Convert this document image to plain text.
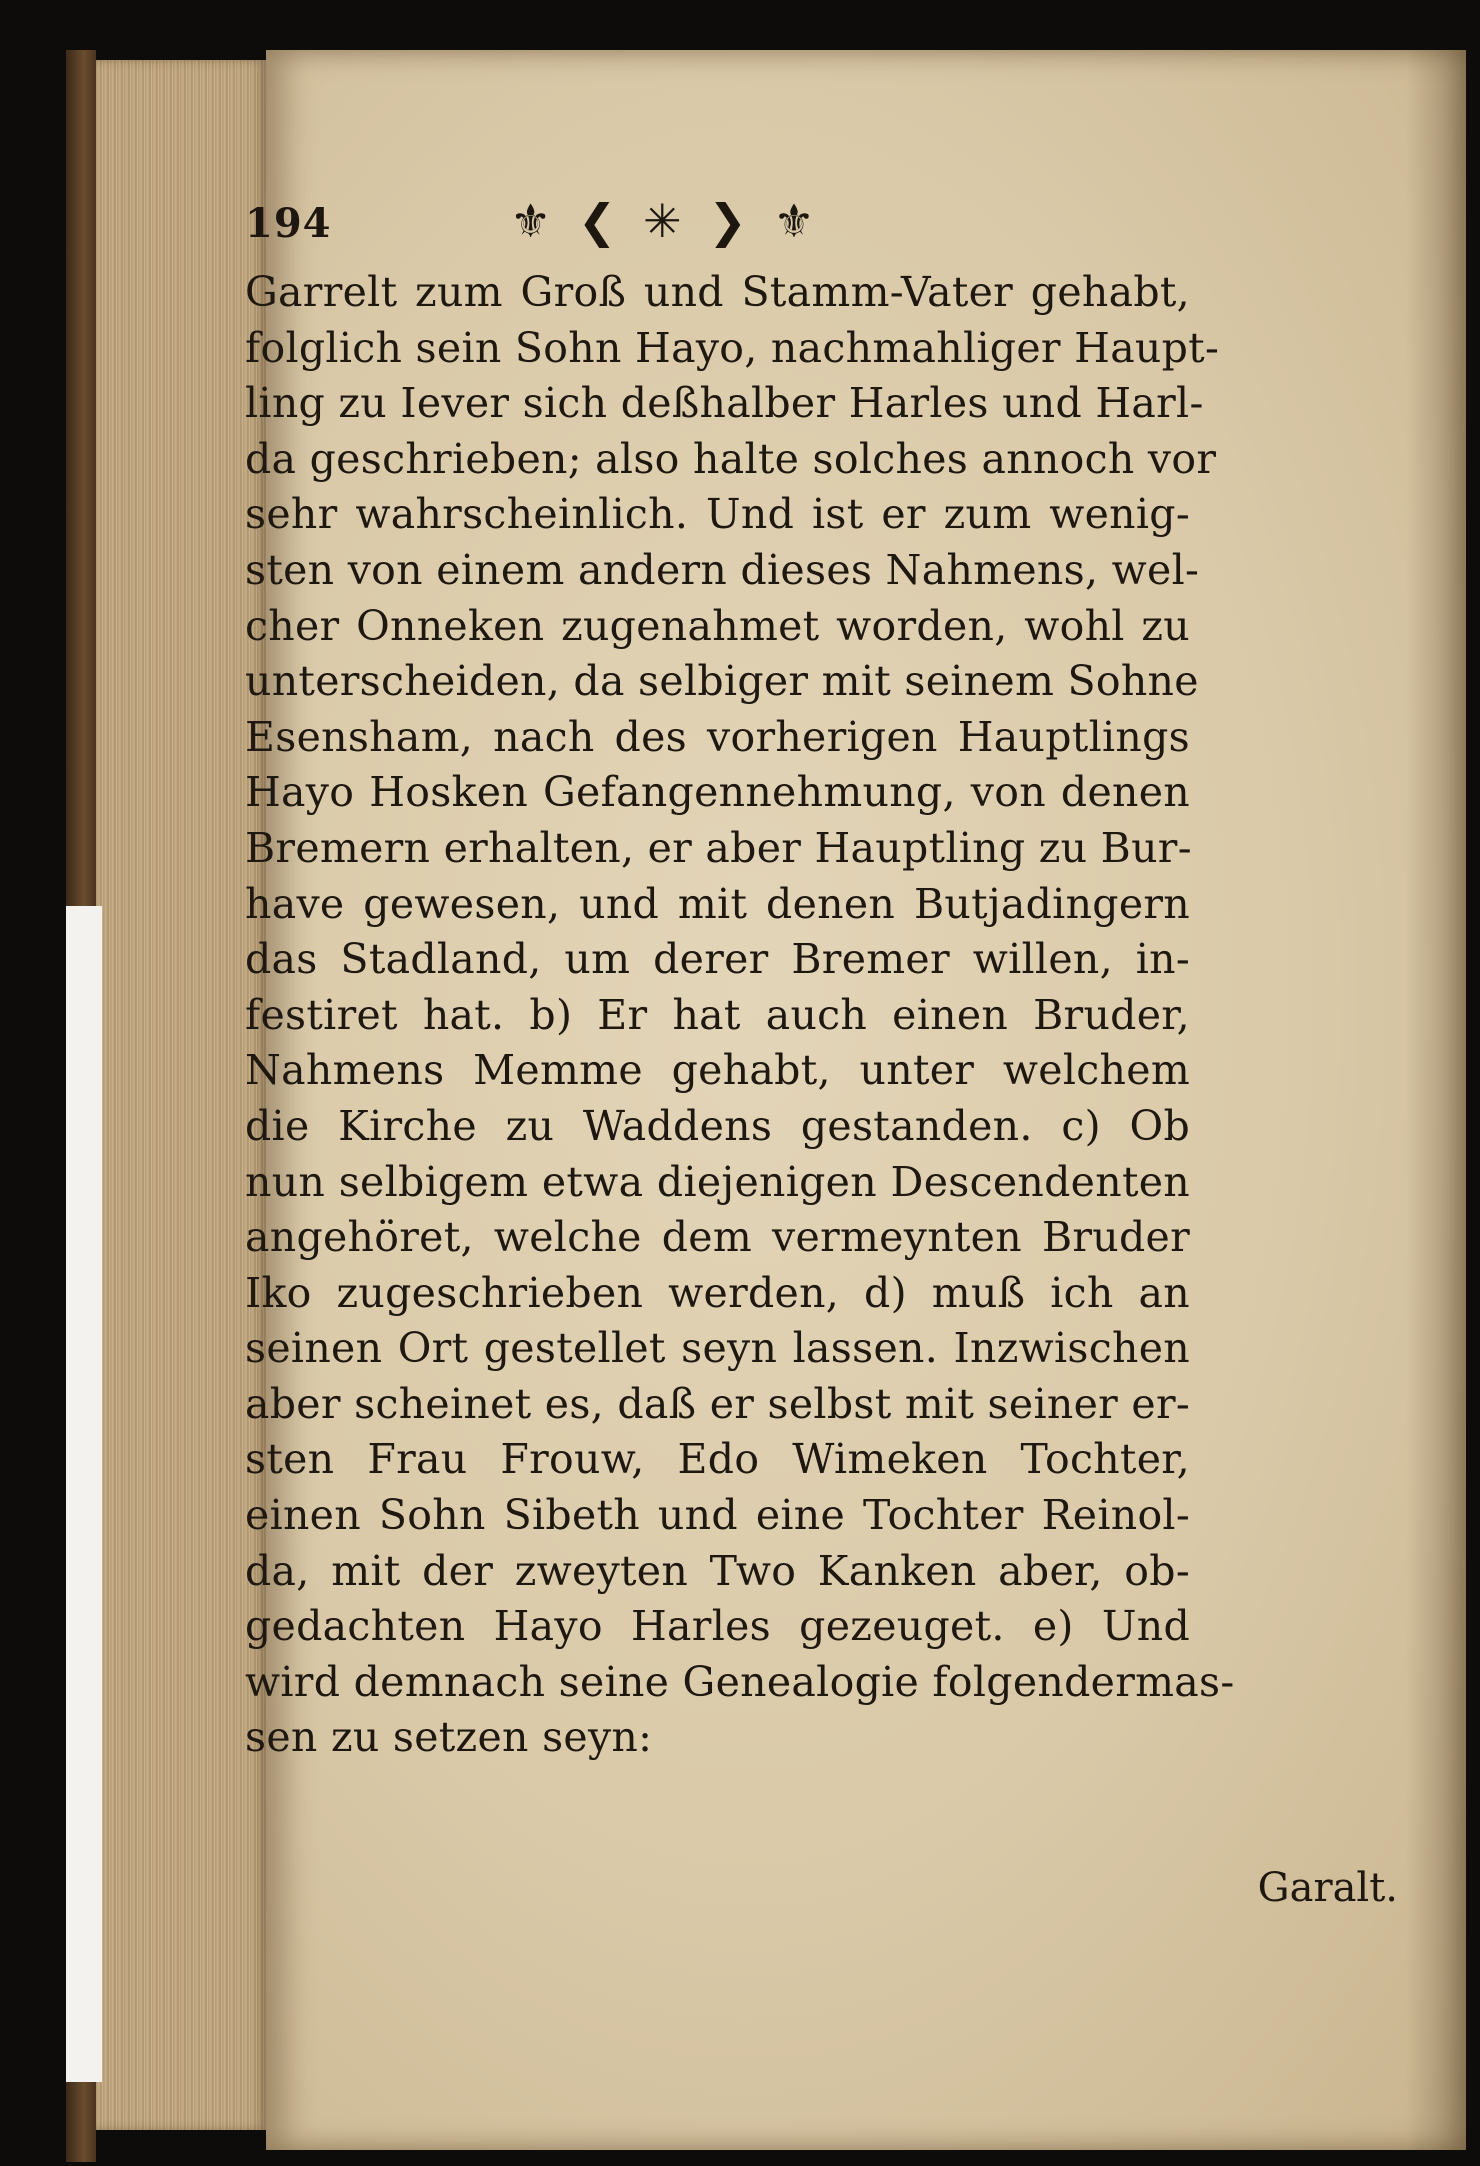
194	⚜ ❮ ✳ ❯ ⚜
Garrelt zum Groß und Stamm-Vater gehabt,
folglich sein Sohn Hayo, nachmahliger Haupt-
ling zu Iever sich deßhalber Harles und Harl-
da geschrieben; also halte solches annoch vor
sehr wahrscheinlich. Und ist er zum wenig-
sten von einem andern dieses Nahmens, wel-
cher Onneken zugenahmet worden, wohl zu
unterscheiden, da selbiger mit seinem Sohne
Esensham, nach des vorherigen Hauptlings
Hayo Hosken Gefangennehmung, von denen
Bremern erhalten, er aber Hauptling zu Bur-
have gewesen, und mit denen Butjadingern
das Stadland, um derer Bremer willen, in-
festiret hat. b) Er hat auch einen Bruder,
Nahmens Memme gehabt, unter welchem
die Kirche zu Waddens gestanden. c) Ob
nun selbigem etwa diejenigen Descendenten
angehöret, welche dem vermeynten Bruder
Iko zugeschrieben werden, d) muß ich an
seinen Ort gestellet seyn lassen. Inzwischen
aber scheinet es, daß er selbst mit seiner er-
sten Frau Frouw, Edo Wimeken Tochter,
einen Sohn Sibeth und eine Tochter Reinol-
da, mit der zweyten Two Kanken aber, ob-
gedachten Hayo Harles gezeuget. e) Und
wird demnach seine Genealogie folgendermas-
sen zu setzen seyn:
Garalt.
